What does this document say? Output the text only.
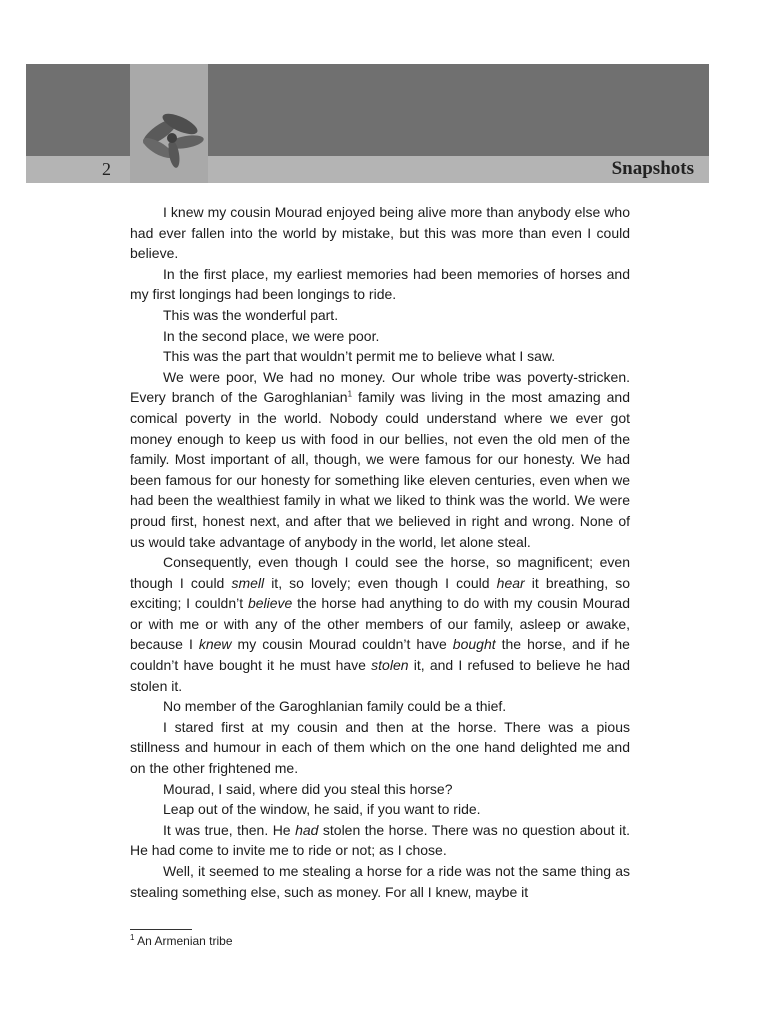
2	Snapshots

I knew my cousin Mourad enjoyed being alive more than anybody else who had ever fallen into the world by mistake, but this was more than even I could believe.

In the first place, my earliest memories had been memories of horses and my first longings had been longings to ride.

This was the wonderful part.

In the second place, we were poor.

This was the part that wouldn’t permit me to believe what I saw.

We were poor, We had no money. Our whole tribe was poverty-stricken. Every branch of the Garoghlanian$^1$ family was living in the most amazing and comical poverty in the world. Nobody could understand where we ever got money enough to keep us with food in our bellies, not even the old men of the family. Most important of all, though, we were famous for our honesty. We had been famous for our honesty for something like eleven centuries, even when we had been the wealthiest family in what we liked to think was the world. We were proud first, honest next, and after that we believed in right and wrong. None of us would take advantage of anybody in the world, let alone steal.

Consequently, even though I could see the horse, so magnificent; even though I could smell it, so lovely; even though I could hear it breathing, so exciting; I couldn’t believe the horse had anything to do with my cousin Mourad or with me or with any of the other members of our family, asleep or awake, because I knew my cousin Mourad couldn’t have bought the horse, and if he couldn’t have bought it he must have stolen it, and I refused to believe he had stolen it.

No member of the Garoghlanian family could be a thief.

I stared first at my cousin and then at the horse. There was a pious stillness and humour in each of them which on the one hand delighted me and on the other frightened me.

Mourad, I said, where did you steal this horse?

Leap out of the window, he said, if you want to ride.

It was true, then. He had stolen the horse. There was no question about it. He had come to invite me to ride or not; as I chose.

Well, it seemed to me stealing a horse for a ride was not the same thing as stealing something else, such as money. For all I knew, maybe it

$^1$ An Armenian tribe
